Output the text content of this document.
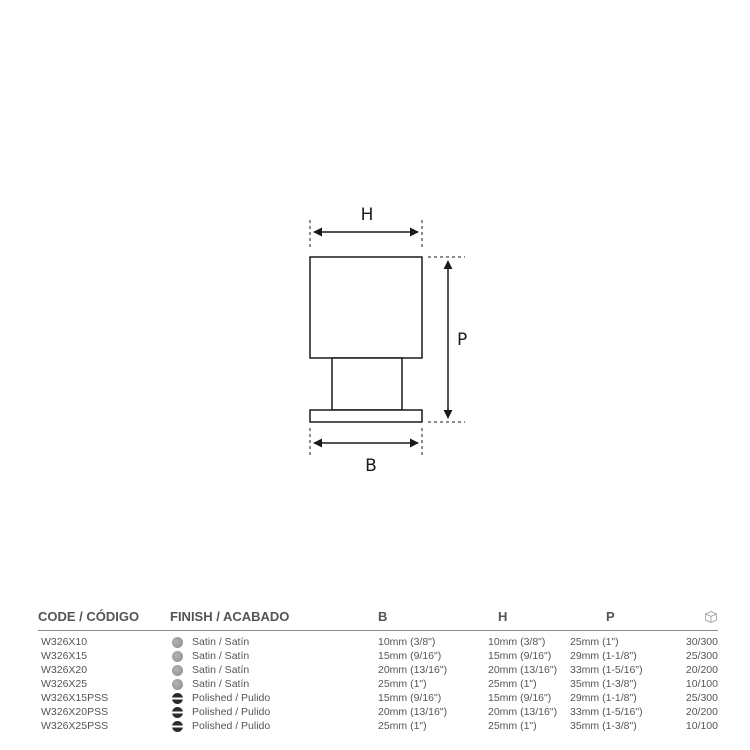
H
P
B
CODE / CÓDIGO	FINISH / ACABADO	B	H	P	
W326X10	Satin / Satín	10mm (3/8")	10mm (3/8")	25mm (1")	30/300
W326X15	Satin / Satín	15mm (9/16")	15mm (9/16")	29mm (1-1/8")	25/300
W326X20	Satin / Satín	20mm (13/16")	20mm (13/16")	33mm (1-5/16")	20/200
W326X25	Satin / Satín	25mm (1")	25mm (1")	35mm (1-3/8")	10/100
W326X15PSS	Polished / Pulido	15mm (9/16")	15mm (9/16")	29mm (1-1/8")	25/300
W326X20PSS	Polished / Pulido	20mm (13/16")	20mm (13/16")	33mm (1-5/16")	20/200
W326X25PSS	Polished / Pulido	25mm (1")	25mm (1")	35mm (1-3/8")	10/100
